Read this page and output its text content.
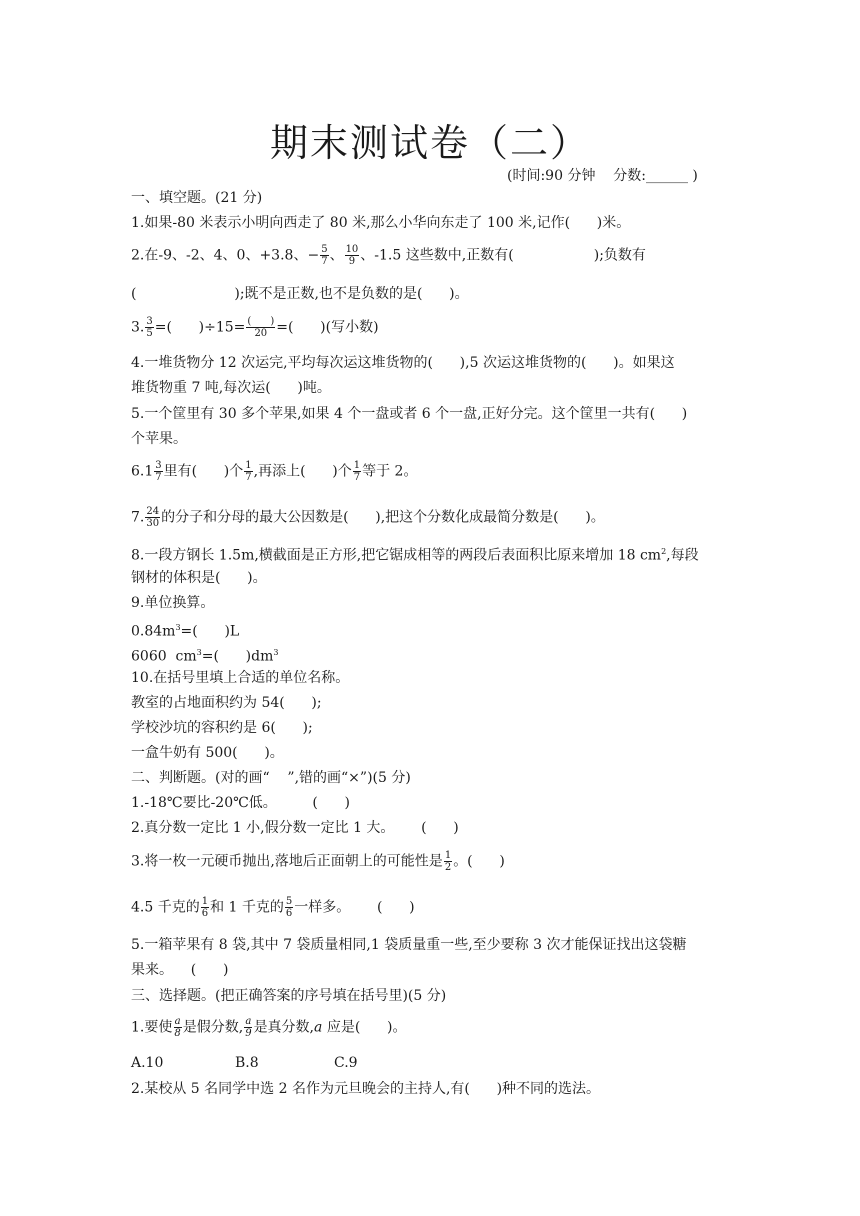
期末测试卷（二）
(时间:90 分钟    分数:______ )
一、填空题。(21 分)
1.如果-80 米表示小明向西走了 80 米,那么小华向东走了 100 米,记作(      )米。
2.在-9、-2、4、0、+3.8、− $\frac{5}{7}$ 、 $\frac{10}{9}$ 、-1.5 这些数中,正数有(                  );负数有
(                      );既不是正数,也不是负数的是(      )。
3. $\frac{3}{5}$ =(      )$\div 15= \frac{( )}{20}$ =(      )(写小数)
4.一堆货物分 12 次运完,平均每次运这堆货物的(      ),5 次运这堆货物的(      )。如果这
堆货物重 7 吨,每次运(      )吨。
5.一个筐里有 30 多个苹果,如果 4 个一盘或者 6 个一盘,正好分完。这个筐里一共有(      )
个苹果。
$6.1 \frac{3}{7}$ 里有(      )个 $\frac{1}{7}$ ,再添上(      )个 $\frac{1}{7}$ 等于 2。
7. $\frac{24}{30}$ 的分子和分母的最大公因数是(      ),把这个分数化成最简分数是(      )。
8.一段方钢长 1.5m,横截面是正方形,把它锯成相等的两段后表面积比原来增加 18 $cm^2$,每段
钢材的体积是(      )。
9.单位换算。
$0.84m^3=$(      )L
6060  $cm^3=$(      )$dm^3$
10.在括号里填上合适的单位名称。
教室的占地面积约为 54(      );
学校沙坑的容积约是 6(      );
一盒牛奶有 500(      )。
二、判断题。(对的画“    ”,错的画“×”)(5 分)
1.-18℃要比-20℃低。        (      )
2.真分数一定比 1 小,假分数一定比 1 大。      (      )
3.将一枚一元硬币抛出,落地后正面朝上的可能性是 $\frac{1}{2}$ 。(      )
4.5 千克的 $\frac{1}{6}$ 和 1 千克的 $\frac{5}{6}$ 一样多。      (      )
5.一箱苹果有 8 袋,其中 7 袋质量相同,1 袋质量重一些,至少要称 3 次才能保证找出这袋糖
果来。    (      )
三、选择题。(把正确答案的序号填在括号里)(5 分)
1.要使 $\frac{a}{8}$ 是假分数, $\frac{a}{9}$ 是真分数,a 应是(      )。
A.10	B.8	C.9
2.某校从 5 名同学中选 2 名作为元旦晚会的主持人,有(      )种不同的选法。
